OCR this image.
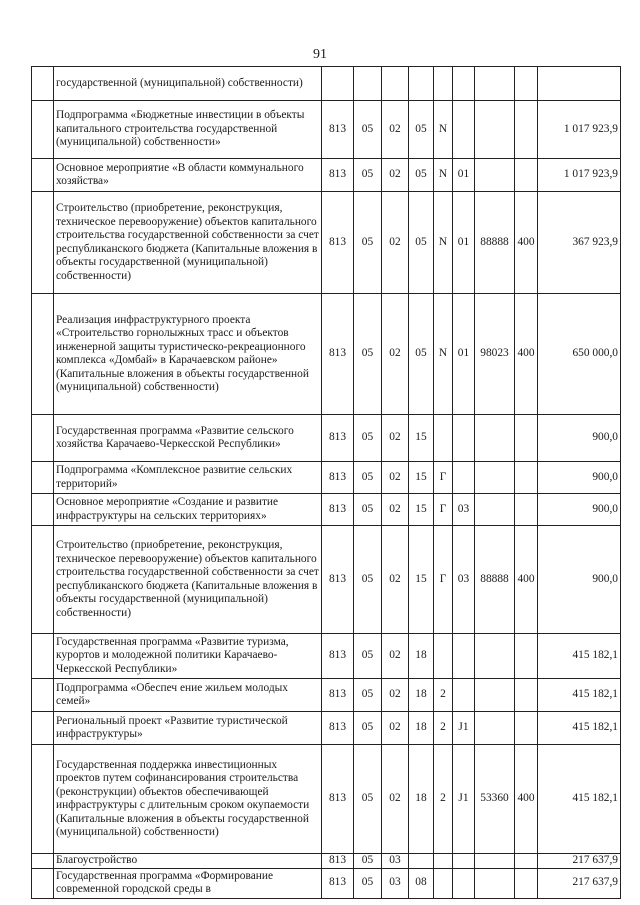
91
	государственной (муниципальной) собственности)									
	Подпрограмма «Бюджетные инвестиции в объекты капитального строительства государственной (муниципальной) собственности»	813	05	02	05	N				1 017 923,9
	Основное мероприятие «В области коммунального хозяйства»	813	05	02	05	N	01			1 017 923,9
	Строительство (приобретение, реконструкция, техническое перевооружение) объектов капитального строительства государственной собственности за счет республиканского бюджета (Капитальные вложения в объекты государственной (муниципальной) собственности)	813	05	02	05	N	01	88888	400	367 923,9
	Реализация инфраструктурного проекта «Строительство горнолыжных трасс и объектов инженерной защиты туристическо-рекреационного комплекса «Домбай» в Карачаевском районе» (Капитальные вложения в объекты государственной (муниципальной) собственности)	813	05	02	05	N	01	98023	400	650 000,0
	Государственная программа «Развитие сельского хозяйства Карачаево-Черкесской Республики»	813	05	02	15					900,0
	Подпрограмма «Комплексное развитие сельских территорий»	813	05	02	15	Г				900,0
	Основное мероприятие «Создание и развитие инфраструктуры на сельских территориях»	813	05	02	15	Г	03			900,0
	Строительство (приобретение, реконструкция, техническое перевооружение) объектов капитального строительства государственной собственности за счет республиканского бюджета (Капитальные вложения в объекты государственной (муниципальной) собственности)	813	05	02	15	Г	03	88888	400	900,0
	Государственная программа «Развитие туризма, курортов и молодежной политики Карачаево-Черкесской Республики»	813	05	02	18					415 182,1
	Подпрограмма «Обеспеч ение жильем молодых семей»	813	05	02	18	2				415 182,1
	Региональный проект «Развитие туристической инфраструктуры»	813	05	02	18	2	J1			415 182,1
	Государственная поддержка инвестиционных проектов путем софинансирования строительства (реконструкции) объектов обеспечивающей инфраструктуры с длительным сроком окупаемости (Капитальные вложения в объекты государственной (муниципальной) собственности)	813	05	02	18	2	J1	53360	400	415 182,1
	Благоустройство	813	05	03						217 637,9
	Государственная программа «Формирование современной городской среды в	813	05	03	08					217 637,9
